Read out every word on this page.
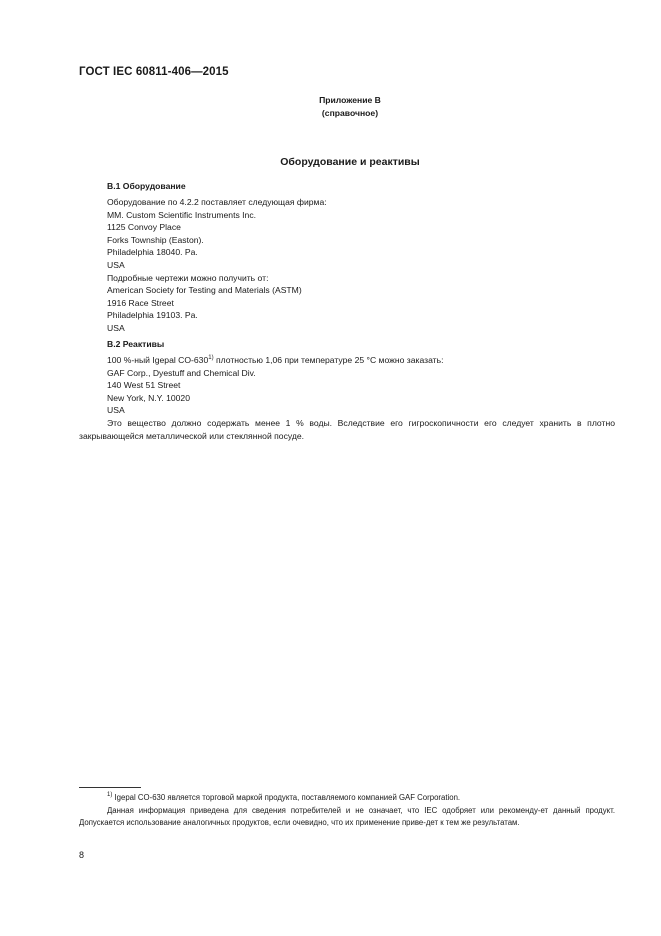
ГОСТ IEC 60811-406—2015
Приложение В
(справочное)
Оборудование и реактивы
В.1 Оборудование
Оборудование по 4.2.2 поставляет следующая фирма:
MM. Custom Scientific Instruments Inc.
1125 Convoy Place
Forks Township (Easton).
Philadelphia 18040. Pa.
USA
Подробные чертежи можно получить от:
American Society for Testing and Materials (ASTM)
1916 Race Street
Philadelphia 19103. Pa.
USA
В.2 Реактивы
100 %-ный Igepal CO-630$^{1)}$ плотностью 1,06 при температуре 25 °С можно заказать:
GAF Corp., Dyestuff and Chemical Div.
140 West 51 Street
New York, N.Y. 10020
USA
Это вещество должно содержать менее 1 % воды. Вследствие его гигроскопичности его следует хранить в плотно закрывающейся металлической или стеклянной посуде.
$^{1)}$ Igepal CO-630 является торговой маркой продукта, поставляемого компанией GAF Corporation.
Данная информация приведена для сведения потребителей и не означает, что IEC одобряет или рекоменду-ет данный продукт. Допускается использование аналогичных продуктов, если очевидно, что их применение приве-дет к тем же результатам.
8
